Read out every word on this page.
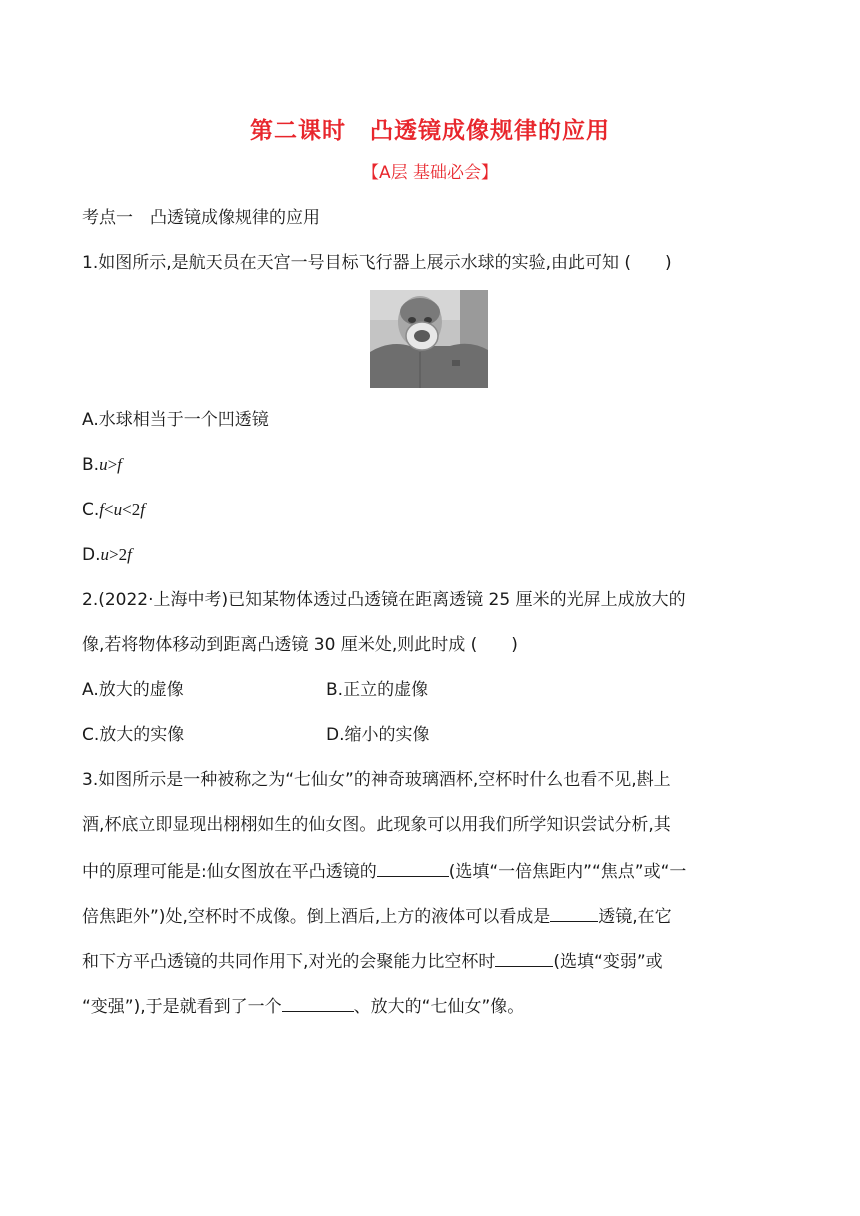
第二课时　凸透镜成像规律的应用
【A层 基础必会】
考点一　凸透镜成像规律的应用
1.如图所示,是航天员在天宫一号目标飞行器上展示水球的实验,由此可知 (　　)
A.水球相当于一个凹透镜
B.u>f
C.f<u<2f
D.u>2f
2.(2022·上海中考)已知某物体透过凸透镜在距离透镜 25 厘米的光屏上成放大的
像,若将物体移动到距离凸透镜 30 厘米处,则此时成 (　　)
A.放大的虚像	B.正立的虚像
C.放大的实像	D.缩小的实像
3.如图所示是一种被称之为“七仙女”的神奇玻璃酒杯,空杯时什么也看不见,斟上
酒,杯底立即显现出栩栩如生的仙女图。此现象可以用我们所学知识尝试分析,其
中的原理可能是:仙女图放在平凸透镜的	(选填“一倍焦距内”“焦点”或“一
倍焦距外”)处,空杯时不成像。倒上酒后,上方的液体可以看成是	透镜,在它
和下方平凸透镜的共同作用下,对光的会聚能力比空杯时	(选填“变弱”或
“变强”),于是就看到了一个	、放大的“七仙女”像。
